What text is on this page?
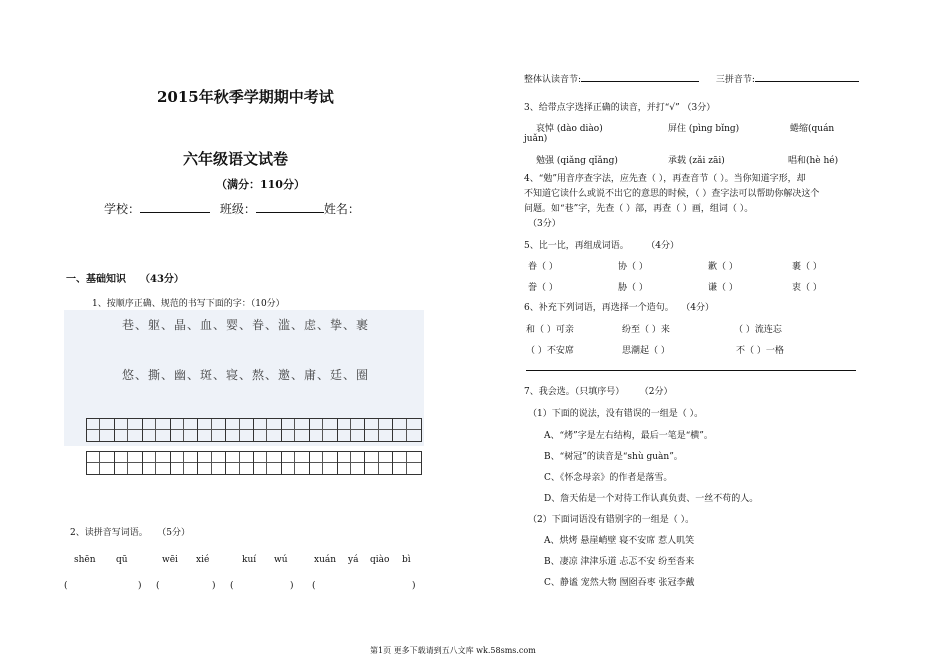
2015年秋季学期期中考试
六年级语文试卷
（满分：110分）
学校：	班级：	姓名：
一、基础知识 （43分）
1、按顺序正确、规范的书写下面的字：（10分）
巷、躯、晶、血、婴、眷、滥、虑、挚、裹
悠、撕、幽、斑、寝、熬、邀、庸、廷、圈
2、读拼音写词语。 （5分）
shēn qū	wēi xié	kuí wú	xuán yá qiào bì
(	) (	) (	) (	)
整体认读音节:	三拼音节:
3、给带点字选择正确的读音，并打“√” （3分）
哀悼 (dào diào)	屏住 (pìng bǐng)	蜷缩(quán
juǎn)
勉强 (qiǎng qǐǎng)	承载 (zǎi zāi)	唱和(hè hé)
4、“勉”用音序查字法，应先查（ ），再查音节（ ）。当你知道字形，却
不知道它读什么或说不出它的意思的时候，（ ）查字法可以帮助你解决这个
问题。如“巷”字，先查（ ）部，再查（ ）画，组词（ ）。
（3分）
5、比一比，再组成词语。 （4分）
眷（ ）	协（ ）	歉（ ）	裹（ ）
誊（ ）	胁（ ）	谦（ ）	衷（ ）
6、补充下列词语，再选择一个造句。 （4分）
和（ ）可亲	纷至（ ）来	（ ）流连忘
（ ）不安席	思潮起（ ）	不（ ）一格
7、我会选。（只填序号） （2分）
（1）下面的说法，没有错误的一组是（ ）。
A、“烤”字是左右结构，最后一笔是“横”。
B、“树冠”的读音是“shù guàn”。
C、《怀念母亲》的作者是落雪。
D、詹天佑是一个对待工作认真负责、一丝不苟的人。
（2）下面词语没有错别字的一组是（ ）。
A、烘烤 悬崖峭壁 寝不安席 惹人叽笑
B、凄凉 津津乐道 忐忑不安 纷至沓来
C、静谧 宠然大物 囫囵吞枣 张冠李戴
第1页 更多下载请到五八文库 wk.58sms.com
